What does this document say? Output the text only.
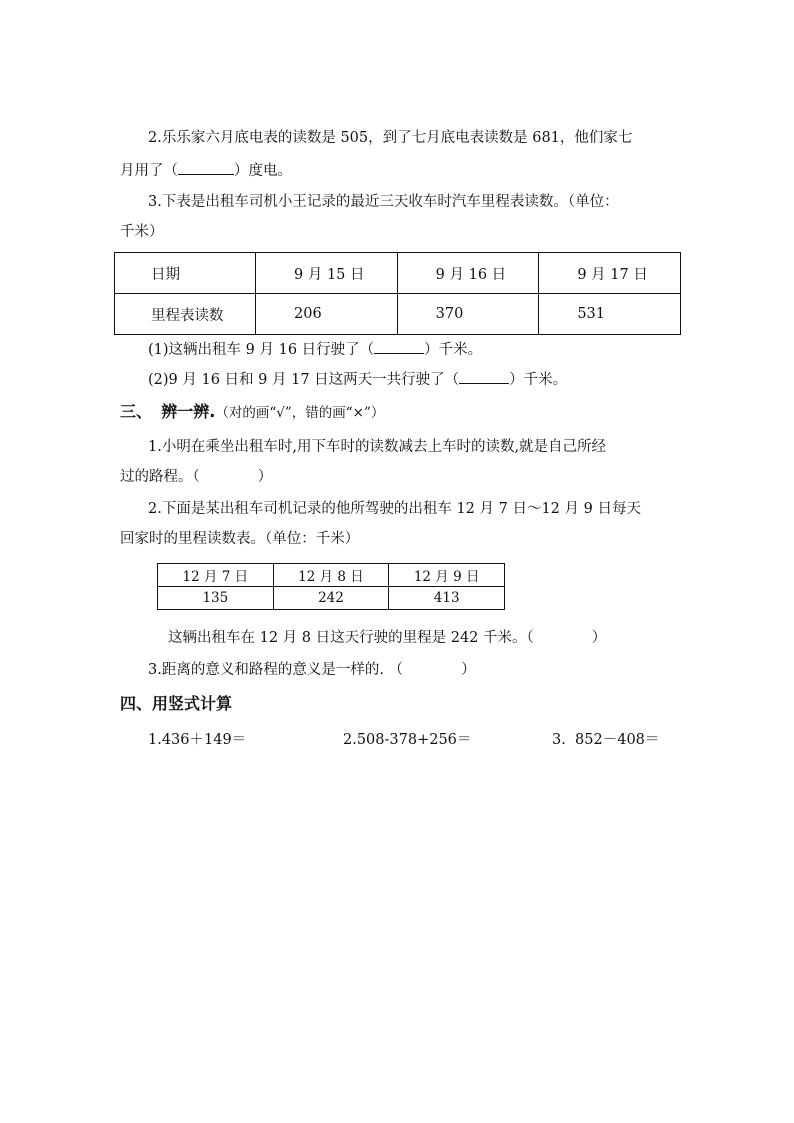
2.乐乐家六月底电表的读数是 505，到了七月底电表读数是 681，他们家七
月用了（	）度电。
3.下表是出租车司机小王记录的最近三天收车时汽车里程表读数。（单位：
千米）
日期	9 月 15 日	9 月 16 日	9 月 17 日
里程表读数	206	370	531
(1)这辆出租车 9 月 16 日行驶了（	）千米。
(2)9 月 16 日和 9 月 17 日这两天一共行驶了（	）千米。
三、 辨一辨.（对的画“√”，错的画“×”）
1.小明在乘坐出租车时,用下车时的读数减去上车时的读数,就是自己所经
过的路程。（	）
2.下面是某出租车司机记录的他所驾驶的出租车 12 月 7 日～12 月 9 日每天
回家时的里程读数表。（单位：千米）
12 月 7 日	12 月 8 日	12 月 9 日
135	242	413
这辆出租车在 12 月 8 日这天行驶的里程是 242 千米。（	）
3.距离的意义和路程的意义是一样的. （	）
四、用竖式计算
1.436＋149＝	2.508-378+256＝	3.  852－408＝
